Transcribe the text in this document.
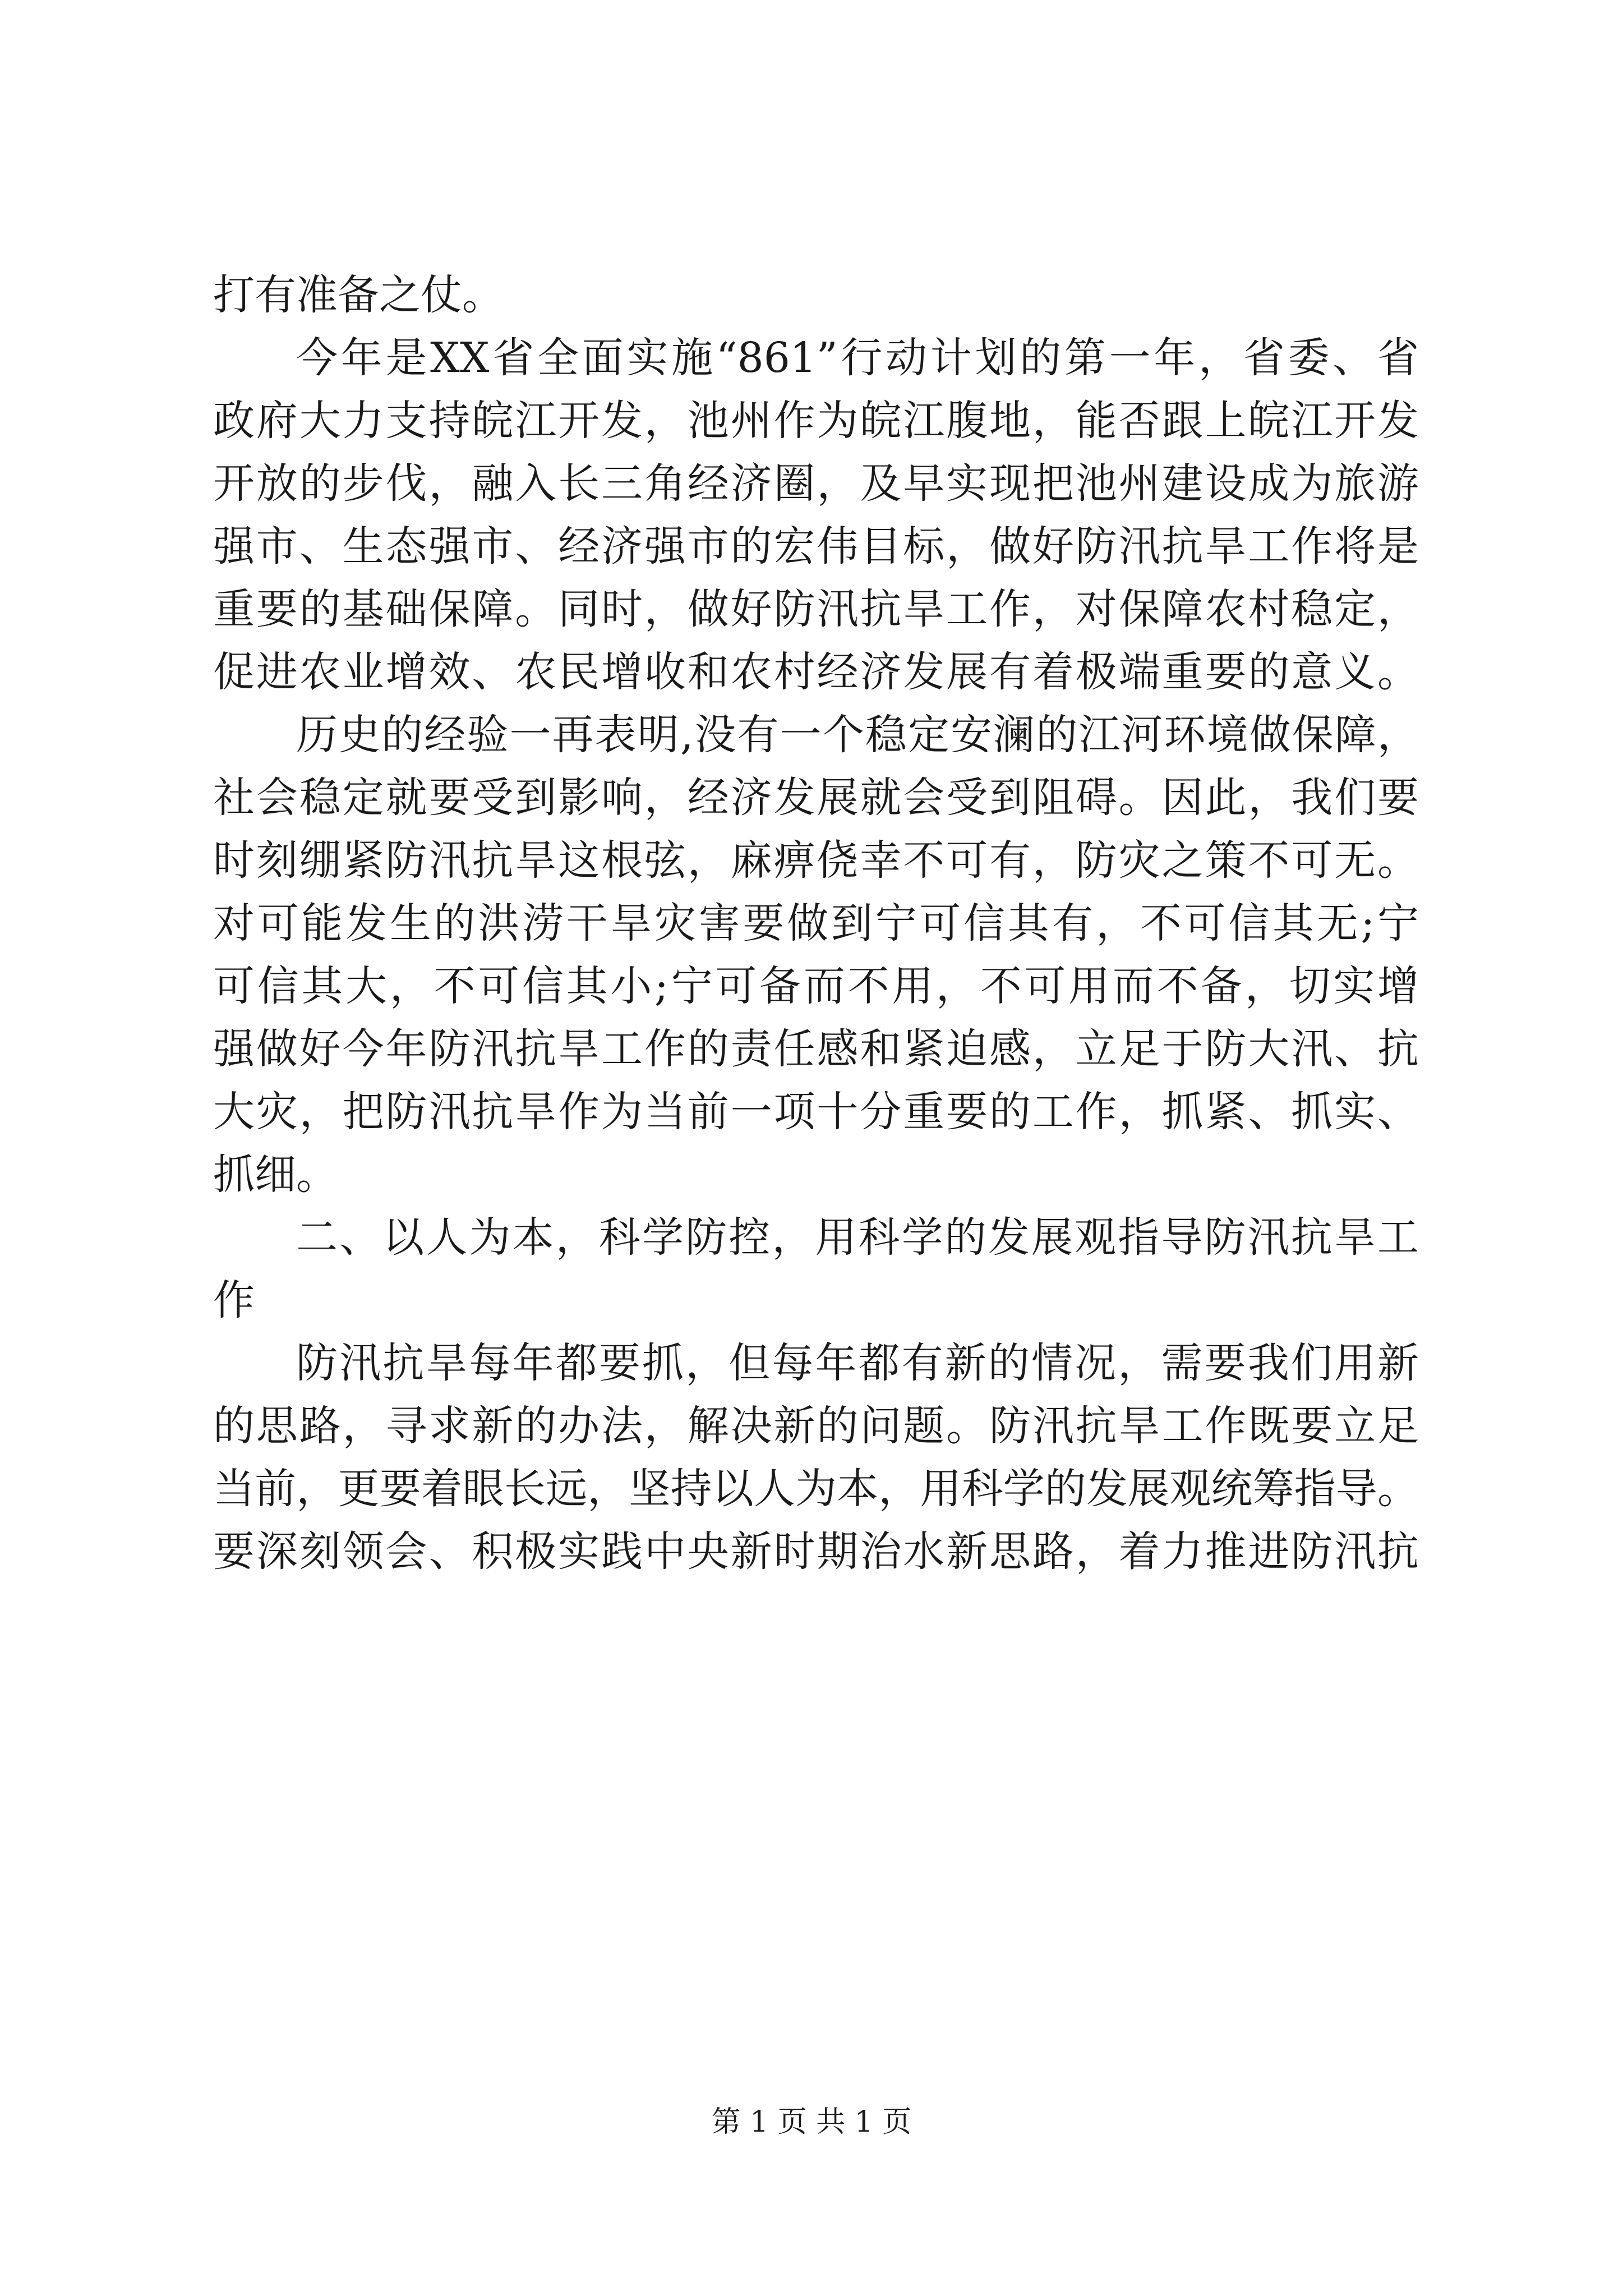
打有准备之仗。
今年是XX省全面实施“861”行动计划的第一年，省委、省
政府大力支持皖江开发，池州作为皖江腹地，能否跟上皖江开发
开放的步伐，融入长三角经济圈，及早实现把池州建设成为旅游
强市、生态强市、经济强市的宏伟目标，做好防汛抗旱工作将是
重要的基础保障。同时，做好防汛抗旱工作，对保障农村稳定，
促进农业增效、农民增收和农村经济发展有着极端重要的意义。
历史的经验一再表明,没有一个稳定安澜的江河环境做保障，
社会稳定就要受到影响，经济发展就会受到阻碍。因此，我们要
时刻绷紧防汛抗旱这根弦，麻痹侥幸不可有，防灾之策不可无。
对可能发生的洪涝干旱灾害要做到宁可信其有，不可信其无;宁
可信其大，不可信其小;宁可备而不用，不可用而不备，切实增
强做好今年防汛抗旱工作的责任感和紧迫感，立足于防大汛、抗
大灾，把防汛抗旱作为当前一项十分重要的工作，抓紧、抓实、
抓细。
二、以人为本，科学防控，用科学的发展观指导防汛抗旱工
作
防汛抗旱每年都要抓，但每年都有新的情况，需要我们用新
的思路，寻求新的办法，解决新的问题。防汛抗旱工作既要立足
当前，更要着眼长远，坚持以人为本，用科学的发展观统筹指导。
要深刻领会、积极实践中央新时期治水新思路，着力推进防汛抗
第 1 页 共 1 页
